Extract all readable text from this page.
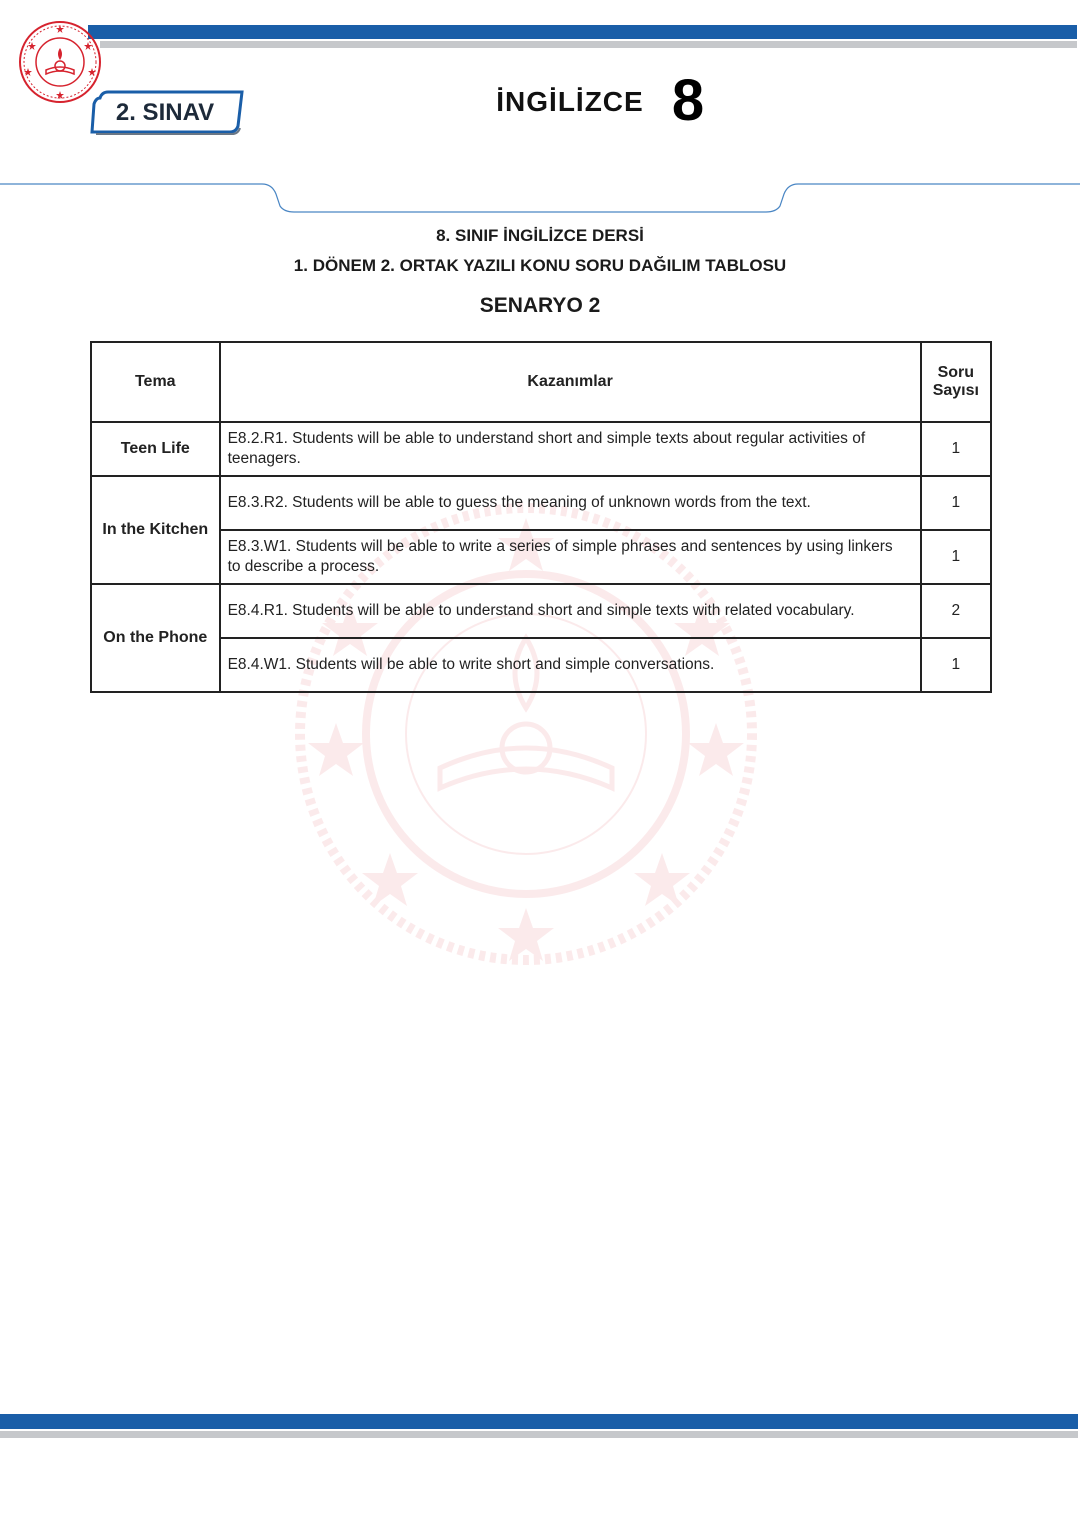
2. SINAV	İNGİLİZCE 8
8. SINIF İNGİLİZCE DERSİ
1. DÖNEM 2. ORTAK YAZILI KONU SORU DAĞILIM TABLOSU
SENARYO 2
Tema	Kazanımlar	Soru Sayısı
Teen Life	E8.2.R1. Students will be able to understand short and simple texts about regular activities of teenagers.	1
In the Kitchen	E8.3.R2. Students will be able to guess the meaning of unknown words from the text.	1
	E8.3.W1. Students will be able to write a series of simple phrases and sentences by using linkers to describe a process.	1
On the Phone	E8.4.R1. Students will be able to understand short and simple texts with related vocabulary.	2
	E8.4.W1. Students will be able to write short and simple conversations.	1
